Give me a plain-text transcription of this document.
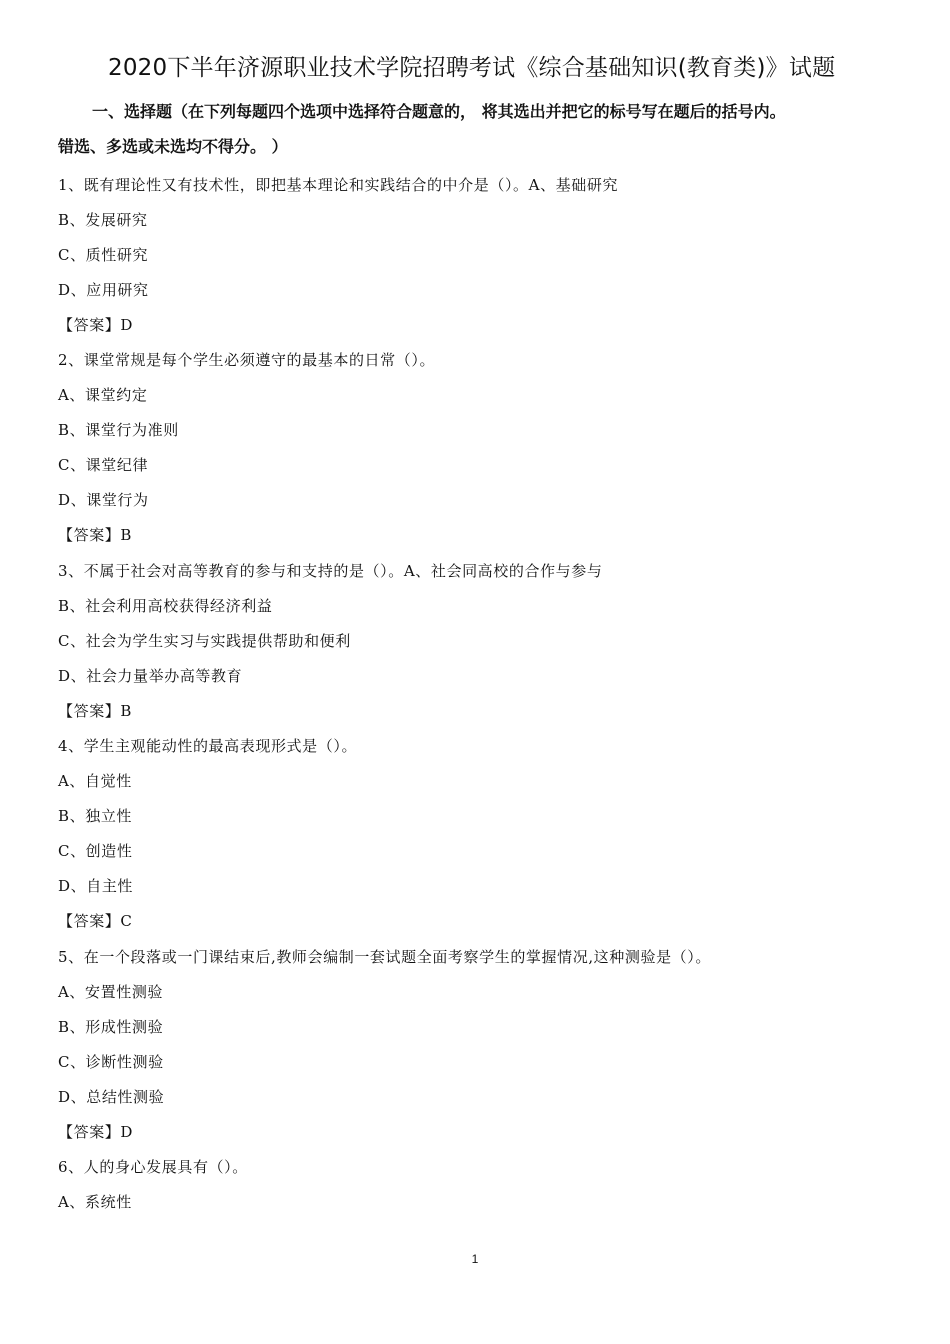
2020下半年济源职业技术学院招聘考试《综合基础知识(教育类)》试题
一、选择题（在下列每题四个选项中选择符合题意的， 将其选出并把它的标号写在题后的括号内。
错选、多选或未选均不得分。 ）
1、既有理论性又有技术性，即把基本理论和实践结合的中介是（）。A、基础研究
B、发展研究
C、质性研究
D、应用研究
【答案】D
2、课堂常规是每个学生必须遵守的最基本的日常（）。
A、课堂约定
B、课堂行为准则
C、课堂纪律
D、课堂行为
【答案】B
3、不属于社会对高等教育的参与和支持的是（）。A、社会同高校的合作与参与
B、社会利用高校获得经济利益
C、社会为学生实习与实践提供帮助和便利
D、社会力量举办高等教育
【答案】B
4、学生主观能动性的最高表现形式是（）。
A、自觉性
B、独立性
C、创造性
D、自主性
【答案】C
5、在一个段落或一门课结束后,教师会编制一套试题全面考察学生的掌握情况,这种测验是（）。
A、安置性测验
B、形成性测验
C、诊断性测验
D、总结性测验
【答案】D
6、人的身心发展具有（）。
A、系统性
1
